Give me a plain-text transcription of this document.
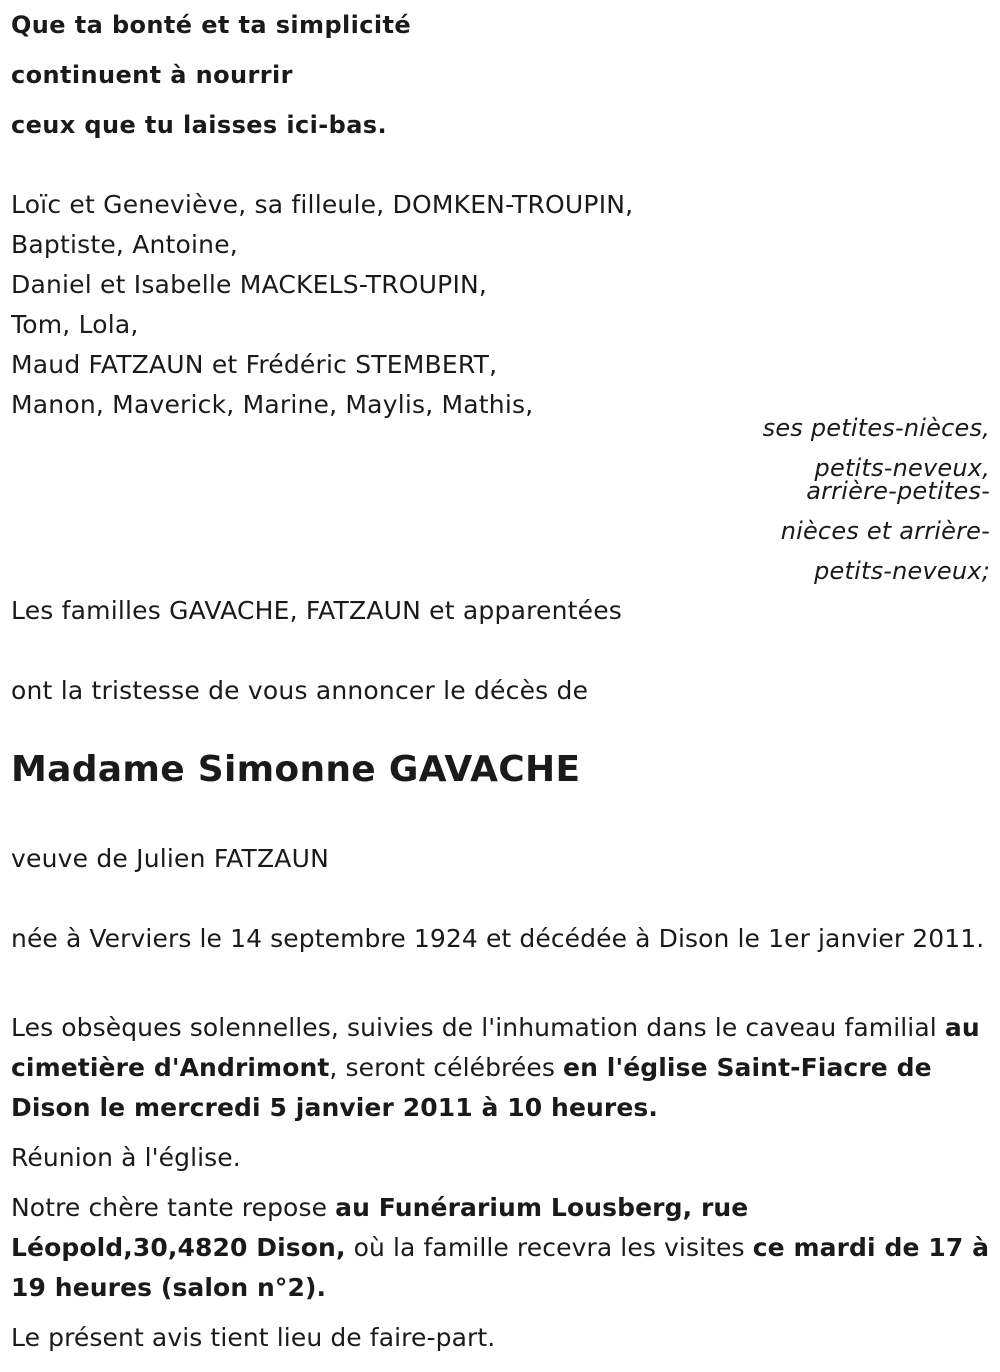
Que ta bonté et ta simplicité
continuent à nourrir
ceux que tu laisses ici-bas.
Loïc et Geneviève, sa filleule, DOMKEN-TROUPIN,
Baptiste, Antoine,
Daniel et Isabelle MACKELS-TROUPIN,
Tom, Lola,
Maud FATZAUN et Frédéric STEMBERT,
Manon, Maverick, Marine, Maylis, Mathis,
ses petites-nièces,
petits-neveux,
arrière-petites-
nièces et arrière-
petits-neveux;
Les familles GAVACHE, FATZAUN et apparentées
ont la tristesse de vous annoncer le décès de
Madame Simonne GAVACHE
veuve de Julien FATZAUN
née à Verviers le 14 septembre 1924 et décédée à Dison le 1er janvier 2011.
Les obsèques solennelles, suivies de l'inhumation dans le caveau familial au cimetière d'Andrimont, seront célébrées en l'église Saint-Fiacre de Dison le mercredi 5 janvier 2011 à 10 heures.
Réunion à l'église.
Notre chère tante repose au Funérarium Lousberg, rue Léopold,30,4820 Dison, où la famille recevra les visites ce mardi de 17 à 19 heures (salon n°2).
Le présent avis tient lieu de faire-part.
